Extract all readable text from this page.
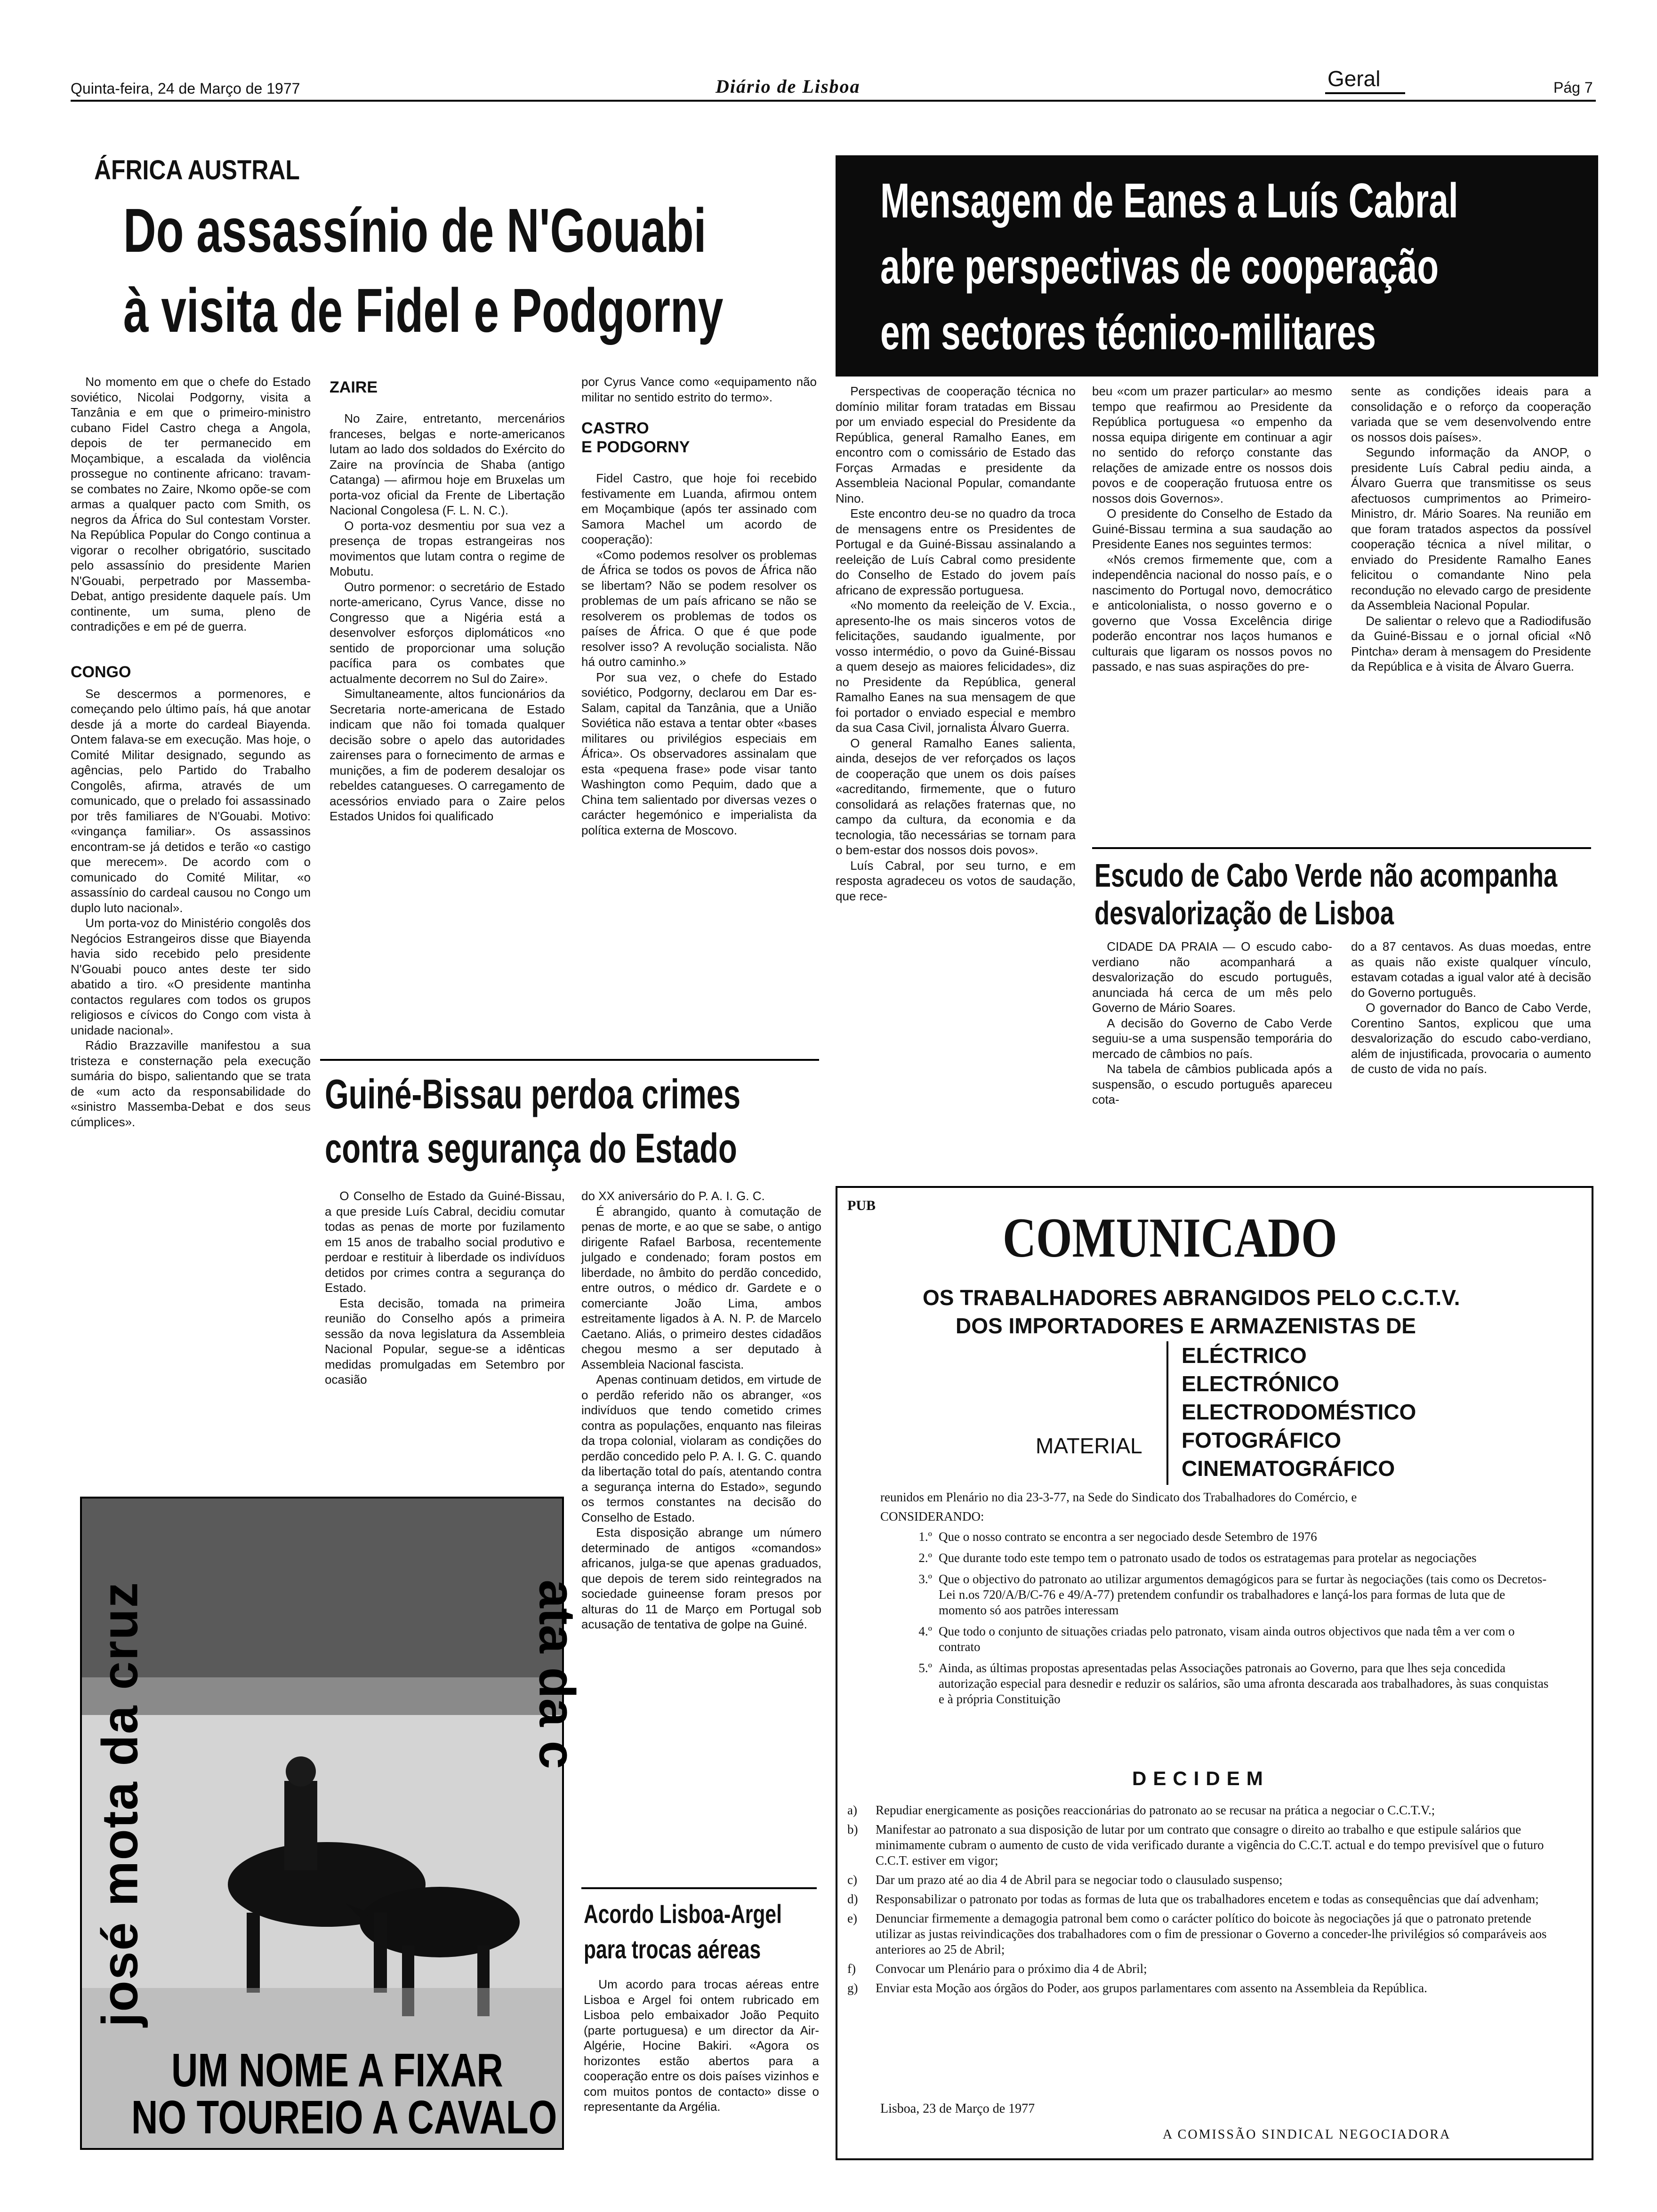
Quinta-feira, 24 de Março de 1977	Diário de Lisboa	Geral	Pág 7
ÁFRICA AUSTRAL
Do assassínio de N'Gouabi
à visita de Fidel e Podgorny

No momento em que o chefe do Estado soviético, Nicolai Podgorny, visita a Tanzânia e em que o primeiro-ministro cubano Fidel Castro chega a Angola, depois de ter permanecido em Moçambique, a escalada da violência prossegue no continente africano: travam-se combates no Zaire, Nkomo opõe-se com armas a qualquer pacto com Smith, os negros da África do Sul contestam Vorster. Na República Popular do Congo continua a vigorar o recolher obrigatório, suscitado pelo assassínio do presidente Marien N'Gouabi, perpetrado por Massemba-Debat, antigo presidente daquele país. Um continente, um suma, pleno de contradições e em pé de guerra.

CONGO

Se descermos a pormenores, e começando pelo último país, há que anotar desde já a morte do cardeal Biayenda. Ontem falava-se em execução. Mas hoje, o Comité Militar designado, segundo as agências, pelo Partido do Trabalho Congolês, afirma, através de um comunicado, que o prelado foi assassinado por três familiares de N'Gouabi. Motivo: «vingança familiar». Os assassinos encontram-se já detidos e terão «o castigo que merecem». De acordo com o comunicado do Comité Militar, «o assassínio do cardeal causou no Congo um duplo luto nacional».

Um porta-voz do Ministério congolês dos Negócios Estrangeiros disse que Biayenda havia sido recebido pelo presidente N'Gouabi pouco antes deste ter sido abatido a tiro. «O presidente mantinha contactos regulares com todos os grupos religiosos e cívicos do Congo com vista à unidade nacional».

Rádio Brazzaville manifestou a sua tristeza e consternação pela execução sumária do bispo, salientando que se trata de «um acto da responsabilidade do «sinistro Massemba-Debat e dos seus cúmplices».

ZAIRE

No Zaire, entretanto, mercenários franceses, belgas e norte-americanos lutam ao lado dos soldados do Exército do Zaire na província de Shaba (antigo Catanga) — afirmou hoje em Bruxelas um porta-voz oficial da Frente de Libertação Nacional Congolesa (F. L. N. C.).

O porta-voz desmentiu por sua vez a presença de tropas estrangeiras nos movimentos que lutam contra o regime de Mobutu.

Outro pormenor: o secretário de Estado norte-americano, Cyrus Vance, disse no Congresso que a Nigéria está a desenvolver esforços diplomáticos «no sentido de proporcionar uma solução pacífica para os combates que actualmente decorrem no Sul do Zaire».

Simultaneamente, altos funcionários da Secretaria norte-americana de Estado indicam que não foi tomada qualquer decisão sobre o apelo das autoridades zairenses para o fornecimento de armas e munições, a fim de poderem desalojar os rebeldes catangueses. O carregamento de acessórios enviado para o Zaire pelos Estados Unidos foi qualificado

por Cyrus Vance como «equipamento não militar no sentido estrito do termo».

CASTRO
E PODGORNY

Fidel Castro, que hoje foi recebido festivamente em Luanda, afirmou ontem em Moçambique (após ter assinado com Samora Machel um acordo de cooperação):

«Como podemos resolver os problemas de África se todos os povos de África não se libertam? Não se podem resolver os problemas de um país africano se não se resolverem os problemas de todos os países de África. O que é que pode resolver isso? A revolução socialista. Não há outro caminho.»

Por sua vez, o chefe do Estado soviético, Podgorny, declarou em Dar es-Salam, capital da Tanzânia, que a União Soviética não estava a tentar obter «bases militares ou privilégios especiais em África». Os observadores assinalam que esta «pequena frase» pode visar tanto Washington como Pequim, dado que a China tem salientado por diversas vezes o carácter hegemónico e imperialista da política externa de Moscovo.

Mensagem de Eanes a Luís Cabral
abre perspectivas de cooperação
em sectores técnico-militares

Perspectivas de cooperação técnica no domínio militar foram tratadas em Bissau por um enviado especial do Presidente da República, general Ramalho Eanes, em encontro com o comissário de Estado das Forças Armadas e presidente da Assembleia Nacional Popular, comandante Nino.

Este encontro deu-se no quadro da troca de mensagens entre os Presidentes de Portugal e da Guiné-Bissau assinalando a reeleição de Luís Cabral como presidente do Conselho de Estado do jovem país africano de expressão portuguesa.

«No momento da reeleição de V. Excia., apresento-lhe os mais sinceros votos de felicitações, saudando igualmente, por vosso intermédio, o povo da Guiné-Bissau a quem desejo as maiores felicidades», diz no Presidente da República, general Ramalho Eanes na sua mensagem de que foi portador o enviado especial e membro da sua Casa Civil, jornalista Álvaro Guerra.

O general Ramalho Eanes salienta, ainda, desejos de ver reforçados os laços de cooperação que unem os dois países «acreditando, firmemente, que o futuro consolidará as relações fraternas que, no campo da cultura, da economia e da tecnologia, tão necessárias se tornam para o bem-estar dos nossos dois povos».

Luís Cabral, por seu turno, e em resposta agradeceu os votos de saudação, que rece-

beu «com um prazer particular» ao mesmo tempo que reafirmou ao Presidente da República portuguesa «o empenho da nossa equipa dirigente em continuar a agir no sentido do reforço constante das relações de amizade entre os nossos dois povos e de cooperação frutuosa entre os nossos dois Governos».

O presidente do Conselho de Estado da Guiné-Bissau termina a sua saudação ao Presidente Eanes nos seguintes termos:

«Nós cremos firmemente que, com a independência nacional do nosso país, e o nascimento do Portugal novo, democrático e anticolonialista, o nosso governo e o governo que Vossa Excelência dirige poderão encontrar nos laços humanos e culturais que ligaram os nossos povos no passado, e nas suas aspirações do pre-

sente as condições ideais para a consolidação e o reforço da cooperação variada que se vem desenvolvendo entre os nossos dois países».

Segundo informação da ANOP, o presidente Luís Cabral pediu ainda, a Álvaro Guerra que transmitisse os seus afectuosos cumprimentos ao Primeiro-Ministro, dr. Mário Soares. Na reunião em que foram tratados aspectos da possível cooperação técnica a nível militar, o enviado do Presidente Ramalho Eanes felicitou o comandante Nino pela recondução no elevado cargo de presidente da Assembleia Nacional Popular.

De salientar o relevo que a Radiodifusão da Guiné-Bissau e o jornal oficial «Nô Pintcha» deram à mensagem do Presidente da República e à visita de Álvaro Guerra.

Escudo de Cabo Verde não acompanha
desvalorização de Lisboa

CIDADE DA PRAIA — O escudo cabo-verdiano não acompanhará a desvalorização do escudo português, anunciada há cerca de um mês pelo Governo de Mário Soares.

A decisão do Governo de Cabo Verde seguiu-se a uma suspensão temporária do mercado de câmbios no país.

Na tabela de câmbios publicada após a suspensão, o escudo português apareceu cota-

do a 87 centavos. As duas moedas, entre as quais não existe qualquer vínculo, estavam cotadas a igual valor até à decisão do Governo português.

O governador do Banco de Cabo Verde, Corentino Santos, explicou que uma desvalorização do escudo cabo-verdiano, além de injustificada, provocaria o aumento de custo de vida no país.

Guiné-Bissau perdoa crimes
contra segurança do Estado

O Conselho de Estado da Guiné-Bissau, a que preside Luís Cabral, decidiu comutar todas as penas de morte por fuzilamento em 15 anos de trabalho social produtivo e perdoar e restituir à liberdade os indivíduos detidos por crimes contra a segurança do Estado.

Esta decisão, tomada na primeira reunião do Conselho após a primeira sessão da nova legislatura da Assembleia Nacional Popular, segue-se a idênticas medidas promulgadas em Setembro por ocasião

do XX aniversário do P. A. I. G. C.

É abrangido, quanto à comutação de penas de morte, e ao que se sabe, o antigo dirigente Rafael Barbosa, recentemente julgado e condenado; foram postos em liberdade, no âmbito do perdão concedido, entre outros, o médico dr. Gardete e o comerciante João Lima, ambos estreitamente ligados à A. N. P. de Marcelo Caetano. Aliás, o primeiro destes cidadãos chegou mesmo a ser deputado à Assembleia Nacional fascista.

Apenas continuam detidos, em virtude de o perdão referido não os abranger, «os indivíduos que tendo cometido crimes contra as populações, enquanto nas fileiras da tropa colonial, violaram as condições do perdão concedido pelo P. A. I. G. C. quando da libertação total do país, atentando contra a segurança interna do Estado», segundo os termos constantes na decisão do Conselho de Estado.

Esta disposição abrange um número determinado de antigos «comandos» africanos, julga-se que apenas graduados, que depois de terem sido reintegrados na sociedade guineense foram presos por alturas do 11 de Março em Portugal sob acusação de tentativa de golpe na Guiné.

Acordo Lisboa-Argel
para trocas aéreas

Um acordo para trocas aéreas entre Lisboa e Argel foi ontem rubricado em Lisboa pelo embaixador João Pequito (parte portuguesa) e um director da Air-Algérie, Hocine Bakiri. «Agora os horizontes estão abertos para a cooperação entre os dois países vizinhos e com muitos pontos de contacto» disse o representante da Argélia.

josé mota da cruz	ata da c
UM NOME A FIXAR
NO TOUREIO A CAVALO
PUB
COMUNICADO
OS TRABALHADORES ABRANGIDOS PELO C.C.T.V.
DOS IMPORTADORES E ARMAZENISTAS DE
MATERIAL
ELÉCTRICO
ELECTRÓNICO
ELECTRODOMÉSTICO
FOTOGRÁFICO
CINEMATOGRÁFICO
reunidos em Plenário no dia 23-3-77, na Sede do Sindicato dos Trabalhadores do Comércio, e
CONSIDERANDO:
1.º Que o nosso contrato se encontra a ser negociado desde Setembro de 1976
2.º Que durante todo este tempo tem o patronato usado de todos os estratagemas para protelar as negociações
3.º Que o objectivo do patronato ao utilizar argumentos demagógicos para se furtar às negociações (tais como os Decretos-Lei n.os 720/A/B/C-76 e 49/A-77) pretendem confundir os trabalhadores e lançá-los para formas de luta que de momento só aos patrões interessam
4.º Que todo o conjunto de situações criadas pelo patronato, visam ainda outros objectivos que nada têm a ver com o contrato
5.º Ainda, as últimas propostas apresentadas pelas Associações patronais ao Governo, para que lhes seja concedida autorização especial para desnedir e reduzir os salários, são uma afronta descarada aos trabalhadores, às suas conquistas e à própria Constituição
DECIDEM
a)	Repudiar energicamente as posições reaccionárias do patronato ao se recusar na prática a negociar o C.C.T.V.;
b)	Manifestar ao patronato a sua disposição de lutar por um contrato que consagre o direito ao trabalho e que estipule salários que minimamente cubram o aumento de custo de vida verificado durante a vigência do C.C.T. actual e do tempo previsível que o futuro C.C.T. estiver em vigor;
c)	Dar um prazo até ao dia 4 de Abril para se negociar todo o clausulado suspenso;
d)	Responsabilizar o patronato por todas as formas de luta que os trabalhadores encetem e todas as consequências que daí advenham;
e)	Denunciar firmemente a demagogia patronal bem como o carácter político do boicote às negociações já que o patronato pretende utilizar as justas reivindicações dos trabalhadores com o fim de pressionar o Governo a conceder-lhe privilégios só comparáveis aos anteriores ao 25 de Abril;
f)	Convocar um Plenário para o próximo dia 4 de Abril;
g)	Enviar esta Moção aos órgãos do Poder, aos grupos parlamentares com assento na Assembleia da República.
Lisboa, 23 de Março de 1977
A COMISSÃO SINDICAL NEGOCIADORA
